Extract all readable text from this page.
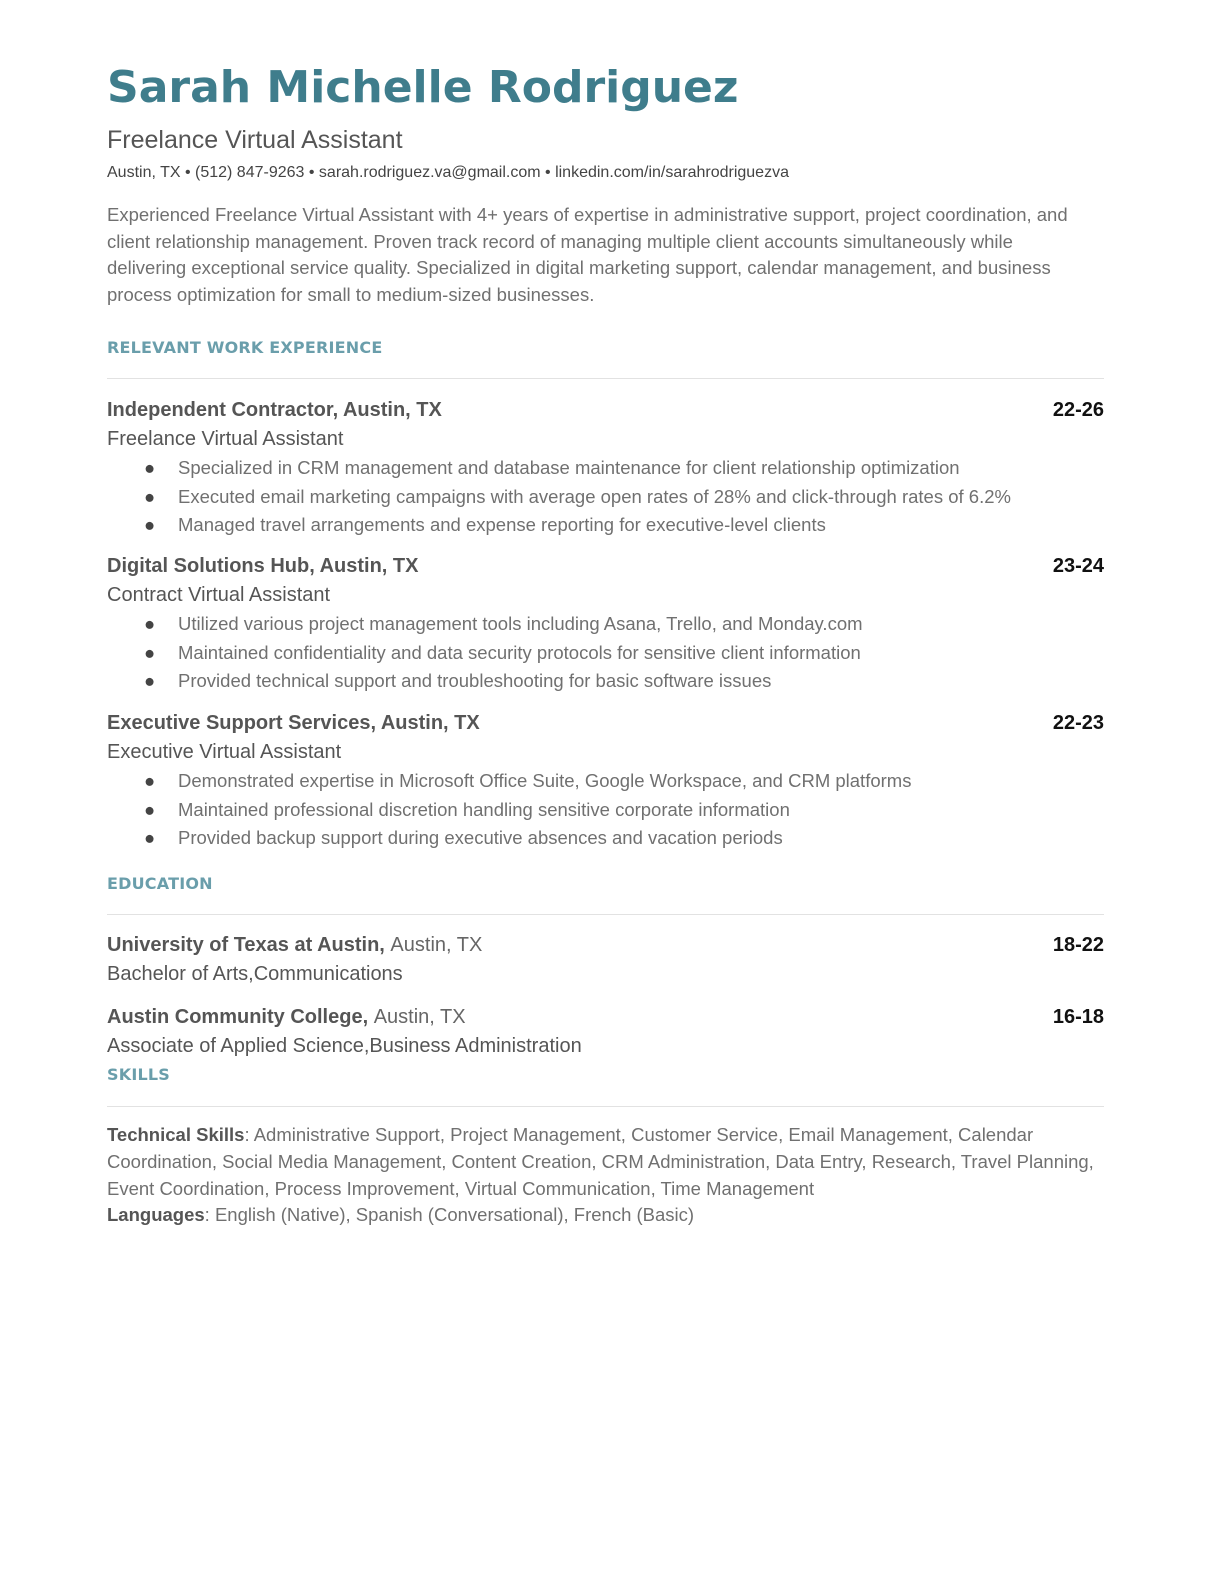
Sarah Michelle Rodriguez
Freelance Virtual Assistant
Austin, TX • (512) 847-9263 • sarah.rodriguez.va@gmail.com • linkedin.com/in/sarahrodriguezva
Experienced Freelance Virtual Assistant with 4+ years of expertise in administrative support, project coordination, and client relationship management. Proven track record of managing multiple client accounts simultaneously while delivering exceptional service quality. Specialized in digital marketing support, calendar management, and business process optimization for small to medium-sized businesses.
RELEVANT WORK EXPERIENCE
Independent Contractor, Austin, TX	22-26
Freelance Virtual Assistant
● Specialized in CRM management and database maintenance for client relationship optimization
● Executed email marketing campaigns with average open rates of 28% and click-through rates of 6.2%
● Managed travel arrangements and expense reporting for executive-level clients
Digital Solutions Hub, Austin, TX	23-24
Contract Virtual Assistant
● Utilized various project management tools including Asana, Trello, and Monday.com
● Maintained confidentiality and data security protocols for sensitive client information
● Provided technical support and troubleshooting for basic software issues
Executive Support Services, Austin, TX	22-23
Executive Virtual Assistant
● Demonstrated expertise in Microsoft Office Suite, Google Workspace, and CRM platforms
● Maintained professional discretion handling sensitive corporate information
● Provided backup support during executive absences and vacation periods
EDUCATION
University of Texas at Austin, Austin, TX	18-22
Bachelor of Arts,Communications
Austin Community College, Austin, TX	16-18
Associate of Applied Science,Business Administration
SKILLS
Technical Skills: Administrative Support, Project Management, Customer Service, Email Management, Calendar Coordination, Social Media Management, Content Creation, CRM Administration, Data Entry, Research, Travel Planning, Event Coordination, Process Improvement, Virtual Communication, Time Management
Languages: English (Native), Spanish (Conversational), French (Basic)
